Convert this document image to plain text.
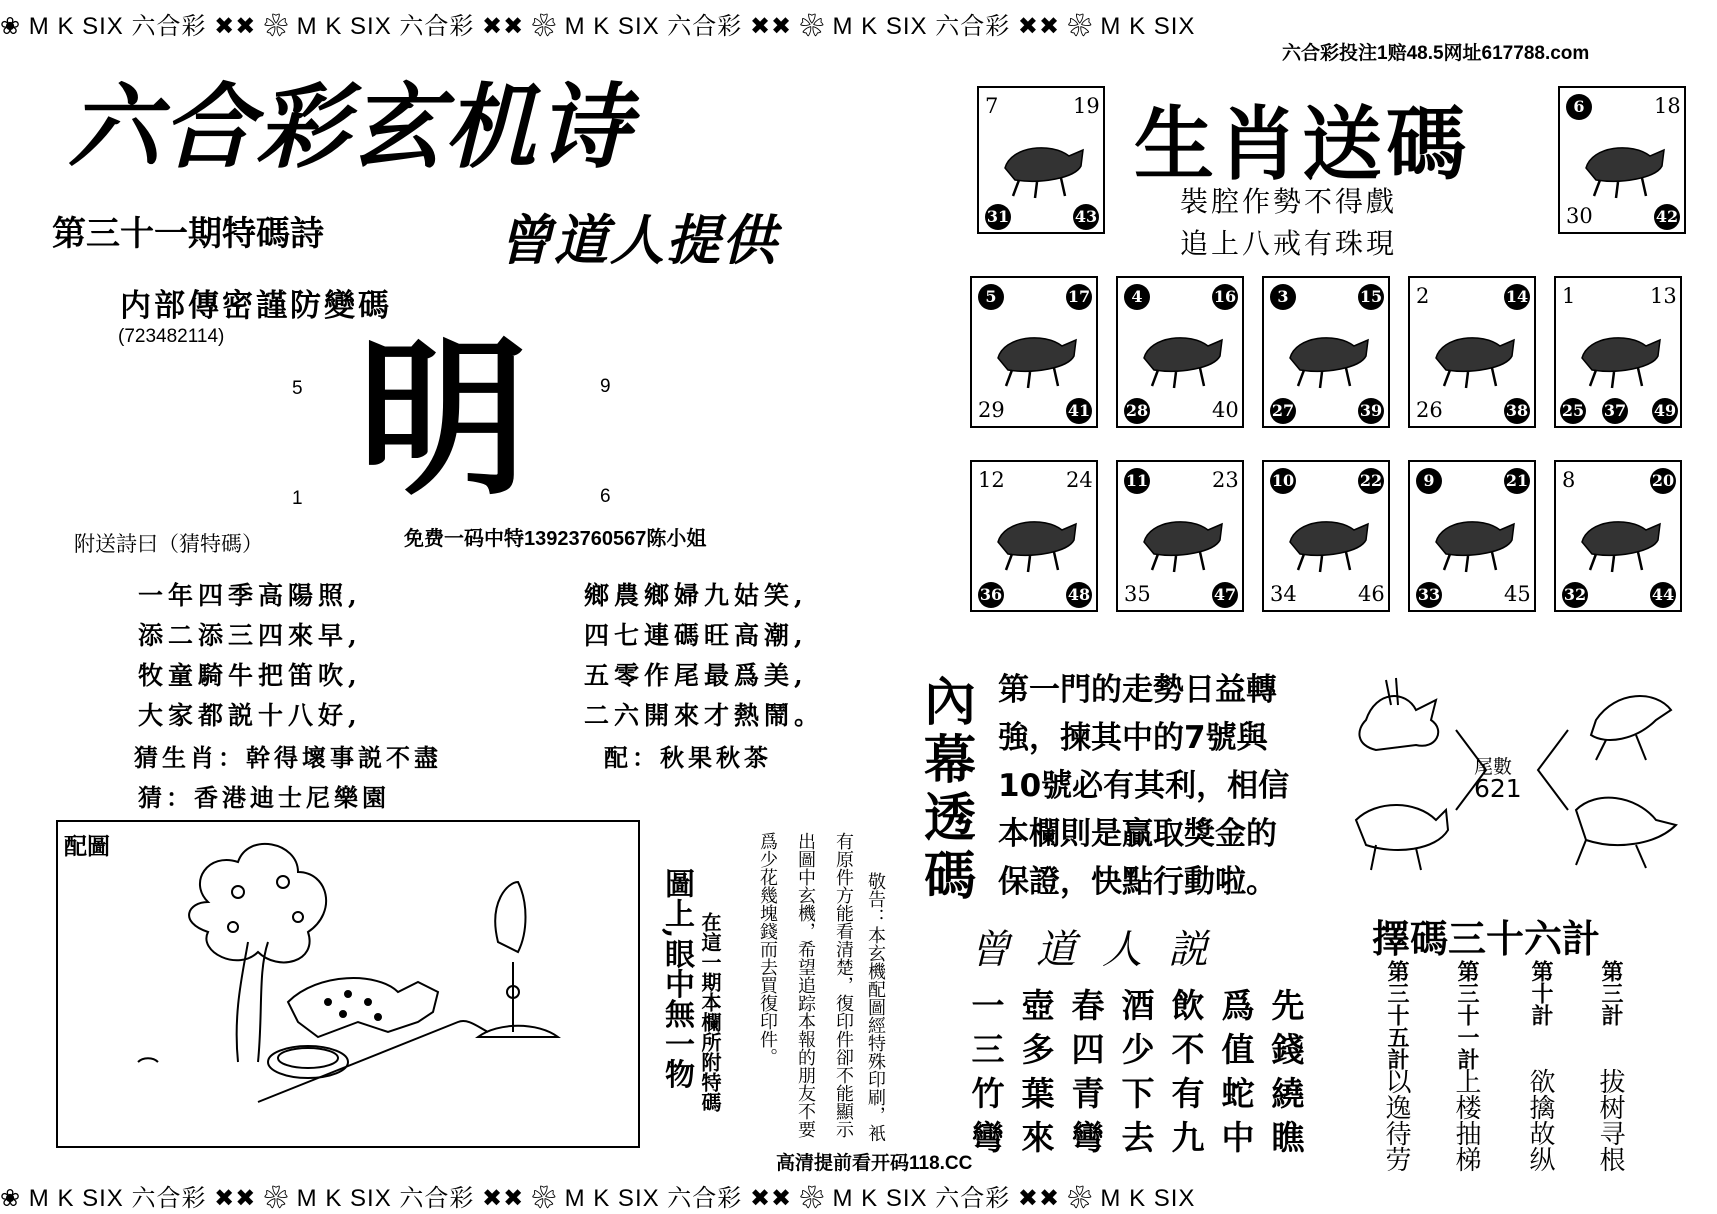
❀ M K SIX 六合彩 ✖✖ ❀ M K SIX 六合彩 ✖✖ ❀ M K SIX 六合彩 ✖✖ ❀ M K SIX 六合彩 ✖✖ ❀ M K SIX
❀ M K SIX 六合彩 ✖✖ ❀ M K SIX 六合彩 ✖✖ ❀ M K SIX 六合彩 ✖✖ ❀ M K SIX 六合彩 ✖✖ ❀ M K SIX
六合彩投注1赔48.5网址617788.com
六合彩玄机诗
第三十一期特碼詩	曾道人提供
内部傳密謹防變碼
(723482114) 明
5	9
1	6
附送詩曰（猜特碼）	免费一码中特13923760567陈小姐
一年四季高陽照,
添二添三四來早,
牧童騎牛把笛吹,
大家都説十八好,
猜生肖：幹得壞事説不盡
猜：香港迪士尼樂園
鄉農鄉婦九姑笑,
四七連碼旺高潮,
五零作尾最爲美,
二六開來才熱鬧。
配：秋果秋茶
配圖
在這一期本欄所附特碼
圖上,眼中無一物	敬告：本玄機配圖經特殊印刷，衹
有原件方能看清楚，復印件卻不能顯示
出圖中玄機，希望追踪本報的朋友不要
爲少花幾塊錢而去買復印件。
高清提前看开码118.CC
生肖送碼
裝腔作勢不得戲
追上八戒有珠現
7	19
31	43
6	18
30	42
5	17
29	41
4	16
28	40
3	15
27	39
2	14
26	38
1	13
25 37 49
12	24
36	48
11	23
35	47
10	22
34	46
9	21
33	45
8	20
32	44
內
幕
透
碼
第一門的走勢日益轉
強，揀其中的7號與
10號必有其利，相信
本欄則是贏取獎金的
保證，快點行動啦。
尾數
621
曾道人説
一 壺 春 酒 飲 爲 先
三 多 四 少 不 值 錢
竹 葉 青 下 有 蛇 繞
彎 來 彎 去 九 中 瞧
擇碼三十六計
第三十五計
以逸待劳
第三十一計
上楼抽梯
第十計
欲擒故纵
第三計
拔树寻根
